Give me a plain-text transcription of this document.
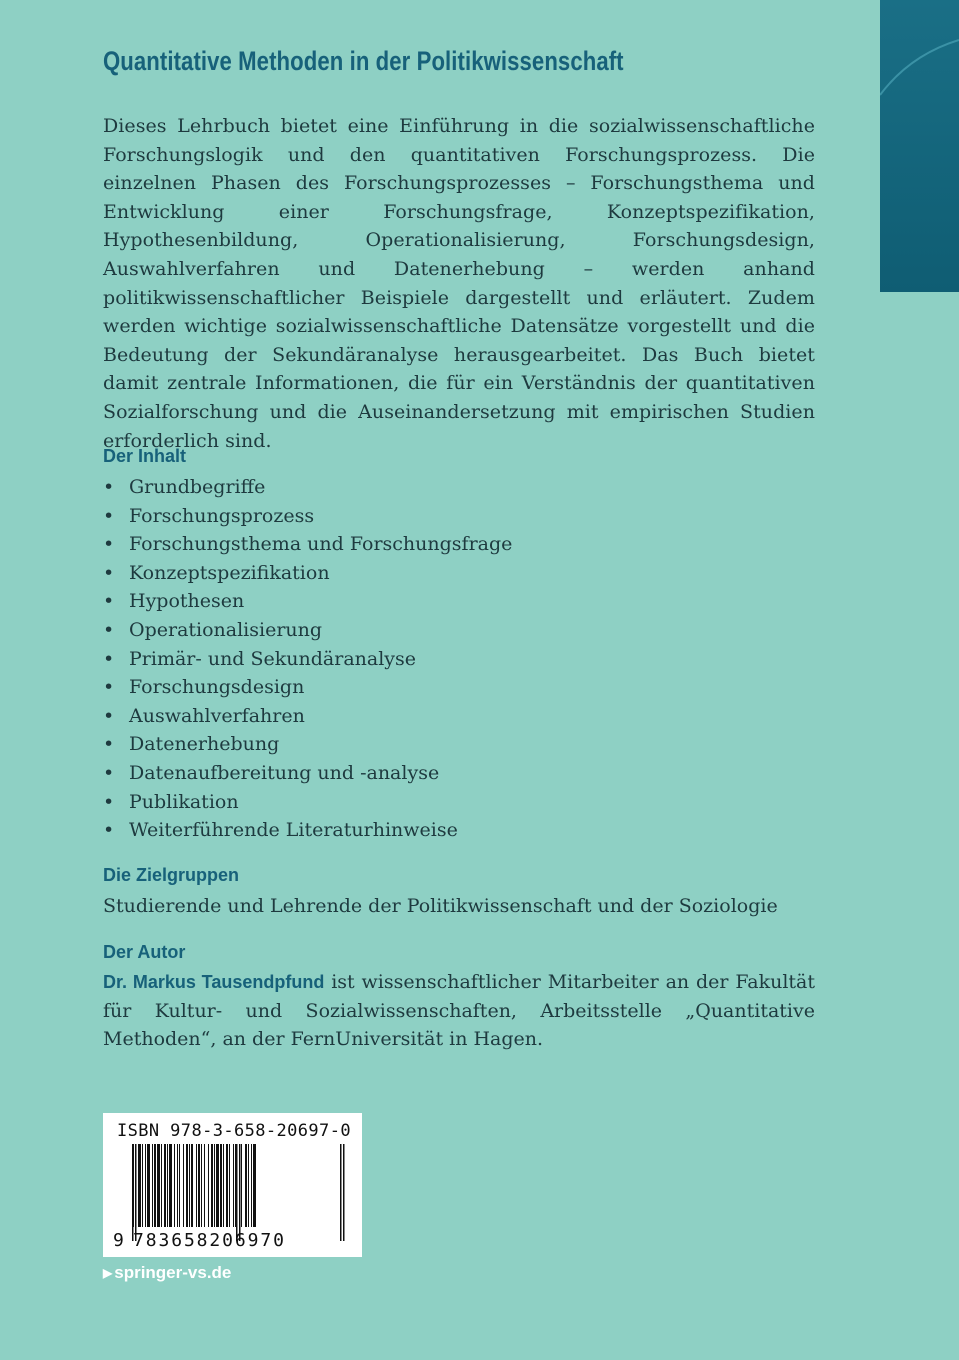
Quantitative Methoden in der Politikwissenschaft
Dieses Lehrbuch bietet eine Einführung in die sozialwissenschaftliche Forschungslogik und den quantitativen Forschungsprozess. Die einzelnen Phasen des Forschungsprozesses – Forschungsthema und Entwicklung einer Forschungsfrage, Konzeptspezifikation, Hypothesenbildung, Operationalisierung, Forschungsdesign, Auswahlverfahren und Datenerhebung – werden anhand politikwissenschaftlicher Beispiele dargestellt und erläutert. Zudem werden wichtige sozialwissenschaftliche Datensätze vorgestellt und die Bedeutung der Sekundäranalyse herausgearbeitet. Das Buch bietet damit zentrale Informationen, die für ein Verständnis der quantitativen Sozialforschung und die Auseinandersetzung mit empirischen Studien erforderlich sind.
Der Inhalt
• Grundbegriffe
• Forschungsprozess
• Forschungsthema und Forschungsfrage
• Konzeptspezifikation
• Hypothesen
• Operationalisierung
• Primär- und Sekundäranalyse
• Forschungsdesign
• Auswahlverfahren
• Datenerhebung
• Datenaufbereitung und -analyse
• Publikation
• Weiterführende Literaturhinweise
Die Zielgruppen
Studierende und Lehrende der Politikwissenschaft und der Soziologie
Der Autor
Dr. Markus Tausendpfund ist wissenschaftlicher Mitarbeiter an der Fakultät für Kultur- und Sozialwissenschaften, Arbeitsstelle „Quantitative Methoden“, an der FernUniversität in Hagen.
ISBN 978-3-658-20697-0
9 783658206970
▶ springer-vs.de
